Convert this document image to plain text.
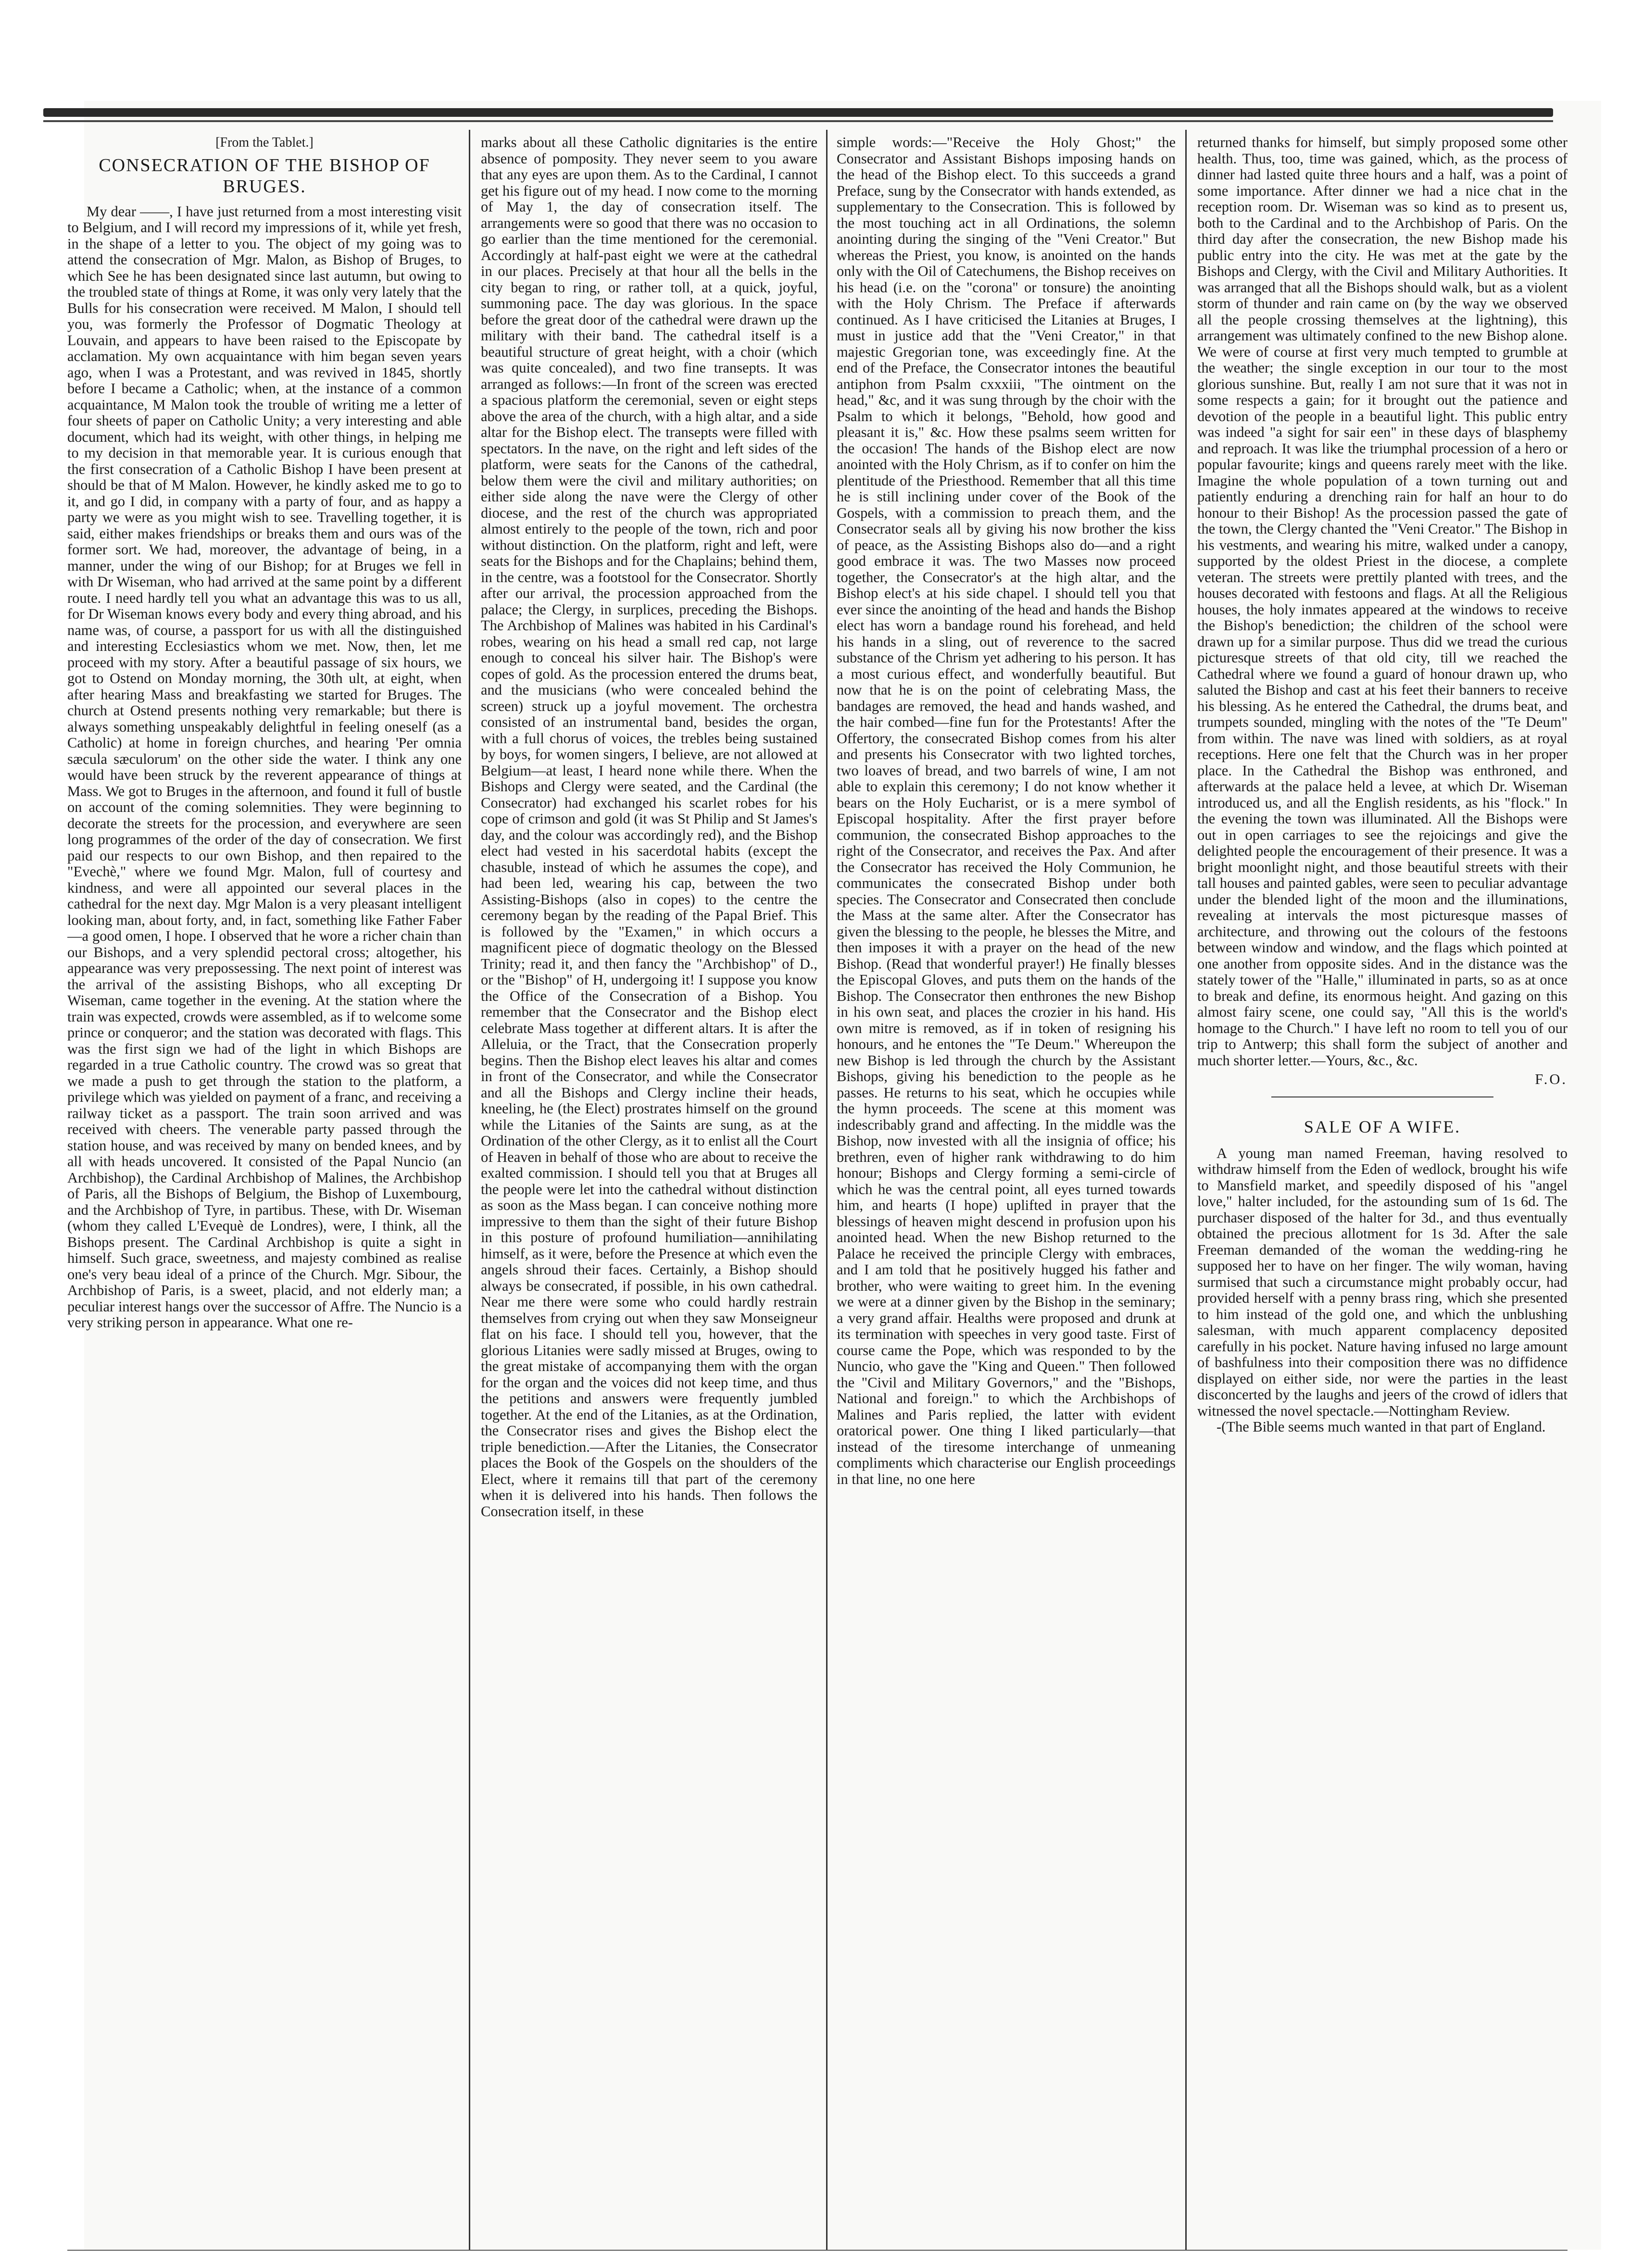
[From the Tablet.]
CONSECRATION OF THE BISHOP OF BRUGES.

My dear ——, I have just returned from a most interesting visit to Belgium, and I will record my impressions of it, while yet fresh, in the shape of a letter to you. The object of my going was to attend the consecration of Mgr. Malon, as Bishop of Bruges, to which See he has been designated since last autumn, but owing to the troubled state of things at Rome, it was only very lately that the Bulls for his consecration were received. M Malon, I should tell you, was formerly the Professor of Dogmatic Theology at Louvain, and appears to have been raised to the Episcopate by acclamation. My own acquaintance with him began seven years ago, when I was a Protestant, and was revived in 1845, shortly before I became a Catholic; when, at the instance of a common acquaintance, M Malon took the trouble of writing me a letter of four sheets of paper on Catholic Unity; a very interesting and able document, which had its weight, with other things, in helping me to my decision in that memorable year. It is curious enough that the first consecration of a Catholic Bishop I have been present at should be that of M Malon. However, he kindly asked me to go to it, and go I did, in company with a party of four, and as happy a party we were as you might wish to see. Travelling together, it is said, either makes friendships or breaks them and ours was of the former sort. We had, moreover, the advantage of being, in a manner, under the wing of our Bishop; for at Bruges we fell in with Dr Wiseman, who had arrived at the same point by a different route. I need hardly tell you what an advantage this was to us all, for Dr Wiseman knows every body and every thing abroad, and his name was, of course, a passport for us with all the distinguished and interesting Ecclesiastics whom we met. Now, then, let me proceed with my story. After a beautiful passage of six hours, we got to Ostend on Monday morning, the 30th ult, at eight, when after hearing Mass and breakfasting we started for Bruges. The church at Ostend presents nothing very remarkable; but there is always something unspeakably delightful in feeling oneself (as a Catholic) at home in foreign churches, and hearing 'Per omnia sæcula sæculorum' on the other side the water. I think any one would have been struck by the reverent appearance of things at Mass. We got to Bruges in the afternoon, and found it full of bustle on account of the coming solemnities. They were beginning to decorate the streets for the procession, and everywhere are seen long programmes of the order of the day of consecration. We first paid our respects to our own Bishop, and then repaired to the "Evechè," where we found Mgr. Malon, full of courtesy and kindness, and were all appointed our several places in the cathedral for the next day. Mgr Malon is a very pleasant intelligent looking man, about forty, and, in fact, something like Father Faber—a good omen, I hope. I observed that he wore a richer chain than our Bishops, and a very splendid pectoral cross; altogether, his appearance was very prepossessing. The next point of interest was the arrival of the assisting Bishops, who all excepting Dr Wiseman, came together in the evening. At the station where the train was expected, crowds were assembled, as if to welcome some prince or conqueror; and the station was decorated with flags. This was the first sign we had of the light in which Bishops are regarded in a true Catholic country. The crowd was so great that we made a push to get through the station to the platform, a privilege which was yielded on payment of a franc, and receiving a railway ticket as a passport. The train soon arrived and was received with cheers. The venerable party passed through the station house, and was received by many on bended knees, and by all with heads uncovered. It consisted of the Papal Nuncio (an Archbishop), the Cardinal Archbishop of Malines, the Archbishop of Paris, all the Bishops of Belgium, the Bishop of Luxembourg, and the Archbishop of Tyre, in partibus. These, with Dr. Wiseman (whom they called L'Evequè de Londres), were, I think, all the Bishops present. The Cardinal Archbishop is quite a sight in himself. Such grace, sweetness, and majesty combined as realise one's very beau ideal of a prince of the Church. Mgr. Sibour, the Archbishop of Paris, is a sweet, placid, and not elderly man; a peculiar interest hangs over the successor of Affre. The Nuncio is a very striking person in appearance. What one re-

marks about all these Catholic dignitaries is the entire absence of pomposity. They never seem to you aware that any eyes are upon them. As to the Cardinal, I cannot get his figure out of my head. I now come to the morning of May 1, the day of consecration itself. The arrangements were so good that there was no occasion to go earlier than the time mentioned for the ceremonial. Accordingly at half-past eight we were at the cathedral in our places. Precisely at that hour all the bells in the city began to ring, or rather toll, at a quick, joyful, summoning pace. The day was glorious. In the space before the great door of the cathedral were drawn up the military with their band. The cathedral itself is a beautiful structure of great height, with a choir (which was quite concealed), and two fine transepts. It was arranged as follows:—In front of the screen was erected a spacious platform the ceremonial, seven or eight steps above the area of the church, with a high altar, and a side altar for the Bishop elect. The transepts were filled with spectators. In the nave, on the right and left sides of the platform, were seats for the Canons of the cathedral, below them were the civil and military authorities; on either side along the nave were the Clergy of other diocese, and the rest of the church was appropriated almost entirely to the people of the town, rich and poor without distinction. On the platform, right and left, were seats for the Bishops and for the Chaplains; behind them, in the centre, was a footstool for the Consecrator. Shortly after our arrival, the procession approached from the palace; the Clergy, in surplices, preceding the Bishops. The Archbishop of Malines was habited in his Cardinal's robes, wearing on his head a small red cap, not large enough to conceal his silver hair. The Bishop's were copes of gold. As the procession entered the drums beat, and the musicians (who were concealed behind the screen) struck up a joyful movement. The orchestra consisted of an instrumental band, besides the organ, with a full chorus of voices, the trebles being sustained by boys, for women singers, I believe, are not allowed at Belgium—at least, I heard none while there. When the Bishops and Clergy were seated, and the Cardinal (the Consecrator) had exchanged his scarlet robes for his cope of crimson and gold (it was St Philip and St James's day, and the colour was accordingly red), and the Bishop elect had vested in his sacerdotal habits (except the chasuble, instead of which he assumes the cope), and had been led, wearing his cap, between the two Assisting-Bishops (also in copes) to the centre the ceremony began by the reading of the Papal Brief. This is followed by the "Examen," in which occurs a magnificent piece of dogmatic theology on the Blessed Trinity; read it, and then fancy the "Archbishop" of D., or the "Bishop" of H, undergoing it! I suppose you know the Office of the Consecration of a Bishop. You remember that the Consecrator and the Bishop elect celebrate Mass together at different altars. It is after the Alleluia, or the Tract, that the Consecration properly begins. Then the Bishop elect leaves his altar and comes in front of the Consecrator, and while the Consecrator and all the Bishops and Clergy incline their heads, kneeling, he (the Elect) prostrates himself on the ground while the Litanies of the Saints are sung, as at the Ordination of the other Clergy, as it to enlist all the Court of Heaven in behalf of those who are about to receive the exalted commission. I should tell you that at Bruges all the people were let into the cathedral without distinction as soon as the Mass began. I can conceive nothing more impressive to them than the sight of their future Bishop in this posture of profound humiliation—annihilating himself, as it were, before the Presence at which even the angels shroud their faces. Certainly, a Bishop should always be consecrated, if possible, in his own cathedral. Near me there were some who could hardly restrain themselves from crying out when they saw Monseigneur flat on his face. I should tell you, however, that the glorious Litanies were sadly missed at Bruges, owing to the great mistake of accompanying them with the organ for the organ and the voices did not keep time, and thus the petitions and answers were frequently jumbled together. At the end of the Litanies, as at the Ordination, the Consecrator rises and gives the Bishop elect the triple benediction.—After the Litanies, the Consecrator places the Book of the Gospels on the shoulders of the Elect, where it remains till that part of the ceremony when it is delivered into his hands. Then follows the Consecration itself, in these

simple words:—"Receive the Holy Ghost;" the Consecrator and Assistant Bishops imposing hands on the head of the Bishop elect. To this succeeds a grand Preface, sung by the Consecrator with hands extended, as supplementary to the Consecration. This is followed by the most touching act in all Ordinations, the solemn anointing during the singing of the "Veni Creator." But whereas the Priest, you know, is anointed on the hands only with the Oil of Catechumens, the Bishop receives on his head (i.e. on the "corona" or tonsure) the anointing with the Holy Chrism. The Preface if afterwards continued. As I have criticised the Litanies at Bruges, I must in justice add that the "Veni Creator," in that majestic Gregorian tone, was exceedingly fine. At the end of the Preface, the Consecrator intones the beautiful antiphon from Psalm cxxxiii, "The ointment on the head," &c, and it was sung through by the choir with the Psalm to which it belongs, "Behold, how good and pleasant it is," &c. How these psalms seem written for the occasion! The hands of the Bishop elect are now anointed with the Holy Chrism, as if to confer on him the plentitude of the Priesthood. Remember that all this time he is still inclining under cover of the Book of the Gospels, with a commission to preach them, and the Consecrator seals all by giving his now brother the kiss of peace, as the Assisting Bishops also do—and a right good embrace it was. The two Masses now proceed together, the Consecrator's at the high altar, and the Bishop elect's at his side chapel. I should tell you that ever since the anointing of the head and hands the Bishop elect has worn a bandage round his forehead, and held his hands in a sling, out of reverence to the sacred substance of the Chrism yet adhering to his person. It has a most curious effect, and wonderfully beautiful. But now that he is on the point of celebrating Mass, the bandages are removed, the head and hands washed, and the hair combed—fine fun for the Protestants! After the Offertory, the consecrated Bishop comes from his alter and presents his Consecrator with two lighted torches, two loaves of bread, and two barrels of wine, I am not able to explain this ceremony; I do not know whether it bears on the Holy Eucharist, or is a mere symbol of Episcopal hospitality. After the first prayer before communion, the consecrated Bishop approaches to the right of the Consecrator, and receives the Pax. And after the Consecrator has received the Holy Communion, he communicates the consecrated Bishop under both species. The Consecrator and Consecrated then conclude the Mass at the same alter. After the Consecrator has given the blessing to the people, he blesses the Mitre, and then imposes it with a prayer on the head of the new Bishop. (Read that wonderful prayer!) He finally blesses the Episcopal Gloves, and puts them on the hands of the Bishop. The Consecrator then enthrones the new Bishop in his own seat, and places the crozier in his hand. His own mitre is removed, as if in token of resigning his honours, and he entones the "Te Deum." Whereupon the new Bishop is led through the church by the Assistant Bishops, giving his benediction to the people as he passes. He returns to his seat, which he occupies while the hymn proceeds. The scene at this moment was indescribably grand and affecting. In the middle was the Bishop, now invested with all the insignia of office; his brethren, even of higher rank withdrawing to do him honour; Bishops and Clergy forming a semi-circle of which he was the central point, all eyes turned towards him, and hearts (I hope) uplifted in prayer that the blessings of heaven might descend in profusion upon his anointed head. When the new Bishop returned to the Palace he received the principle Clergy with embraces, and I am told that he positively hugged his father and brother, who were waiting to greet him. In the evening we were at a dinner given by the Bishop in the seminary; a very grand affair. Healths were proposed and drunk at its termination with speeches in very good taste. First of course came the Pope, which was responded to by the Nuncio, who gave the "King and Queen." Then followed the "Civil and Military Governors," and the "Bishops, National and foreign." to which the Archbishops of Malines and Paris replied, the latter with evident oratorical power. One thing I liked particularly—that instead of the tiresome interchange of unmeaning compliments which characterise our English proceedings in that line, no one here

returned thanks for himself, but simply proposed some other health. Thus, too, time was gained, which, as the process of dinner had lasted quite three hours and a half, was a point of some importance. After dinner we had a nice chat in the reception room. Dr. Wiseman was so kind as to present us, both to the Cardinal and to the Archbishop of Paris. On the third day after the consecration, the new Bishop made his public entry into the city. He was met at the gate by the Bishops and Clergy, with the Civil and Military Authorities. It was arranged that all the Bishops should walk, but as a violent storm of thunder and rain came on (by the way we observed all the people crossing themselves at the lightning), this arrangement was ultimately confined to the new Bishop alone. We were of course at first very much tempted to grumble at the weather; the single exception in our tour to the most glorious sunshine. But, really I am not sure that it was not in some respects a gain; for it brought out the patience and devotion of the people in a beautiful light. This public entry was indeed "a sight for sair een" in these days of blasphemy and reproach. It was like the triumphal procession of a hero or popular favourite; kings and queens rarely meet with the like. Imagine the whole population of a town turning out and patiently enduring a drenching rain for half an hour to do honour to their Bishop! As the procession passed the gate of the town, the Clergy chanted the "Veni Creator." The Bishop in his vestments, and wearing his mitre, walked under a canopy, supported by the oldest Priest in the diocese, a complete veteran. The streets were prettily planted with trees, and the houses decorated with festoons and flags. At all the Religious houses, the holy inmates appeared at the windows to receive the Bishop's benediction; the children of the school were drawn up for a similar purpose. Thus did we tread the curious picturesque streets of that old city, till we reached the Cathedral where we found a guard of honour drawn up, who saluted the Bishop and cast at his feet their banners to receive his blessing. As he entered the Cathedral, the drums beat, and trumpets sounded, mingling with the notes of the "Te Deum" from within. The nave was lined with soldiers, as at royal receptions. Here one felt that the Church was in her proper place. In the Cathedral the Bishop was enthroned, and afterwards at the palace held a levee, at which Dr. Wiseman introduced us, and all the English residents, as his "flock." In the evening the town was illuminated. All the Bishops were out in open carriages to see the rejoicings and give the delighted people the encouragement of their presence. It was a bright moonlight night, and those beautiful streets with their tall houses and painted gables, were seen to peculiar advantage under the blended light of the moon and the illuminations, revealing at intervals the most picturesque masses of architecture, and throwing out the colours of the festoons between window and window, and the flags which pointed at one another from opposite sides. And in the distance was the stately tower of the "Halle," illuminated in parts, so as at once to break and define, its enormous height. And gazing on this almost fairy scene, one could say, "All this is the world's homage to the Church." I have left no room to tell you of our trip to Antwerp; this shall form the subject of another and much shorter letter.—Yours, &c., &c.

F.O.
SALE OF A WIFE.

A young man named Freeman, having resolved to withdraw himself from the Eden of wedlock, brought his wife to Mansfield market, and speedily disposed of his "angel love," halter included, for the astounding sum of 1s 6d. The purchaser disposed of the halter for 3d., and thus eventually obtained the precious allotment for 1s 3d. After the sale Freeman demanded of the woman the wedding-ring he supposed her to have on her finger. The wily woman, having surmised that such a circumstance might probably occur, had provided herself with a penny brass ring, which she presented to him instead of the gold one, and which the unblushing salesman, with much apparent complacency deposited carefully in his pocket. Nature having infused no large amount of bashfulness into their composition there was no diffidence displayed on either side, nor were the parties in the least disconcerted by the laughs and jeers of the crowd of idlers that witnessed the novel spectacle.—Nottingham Review.

-(The Bible seems much wanted in that part of England.
